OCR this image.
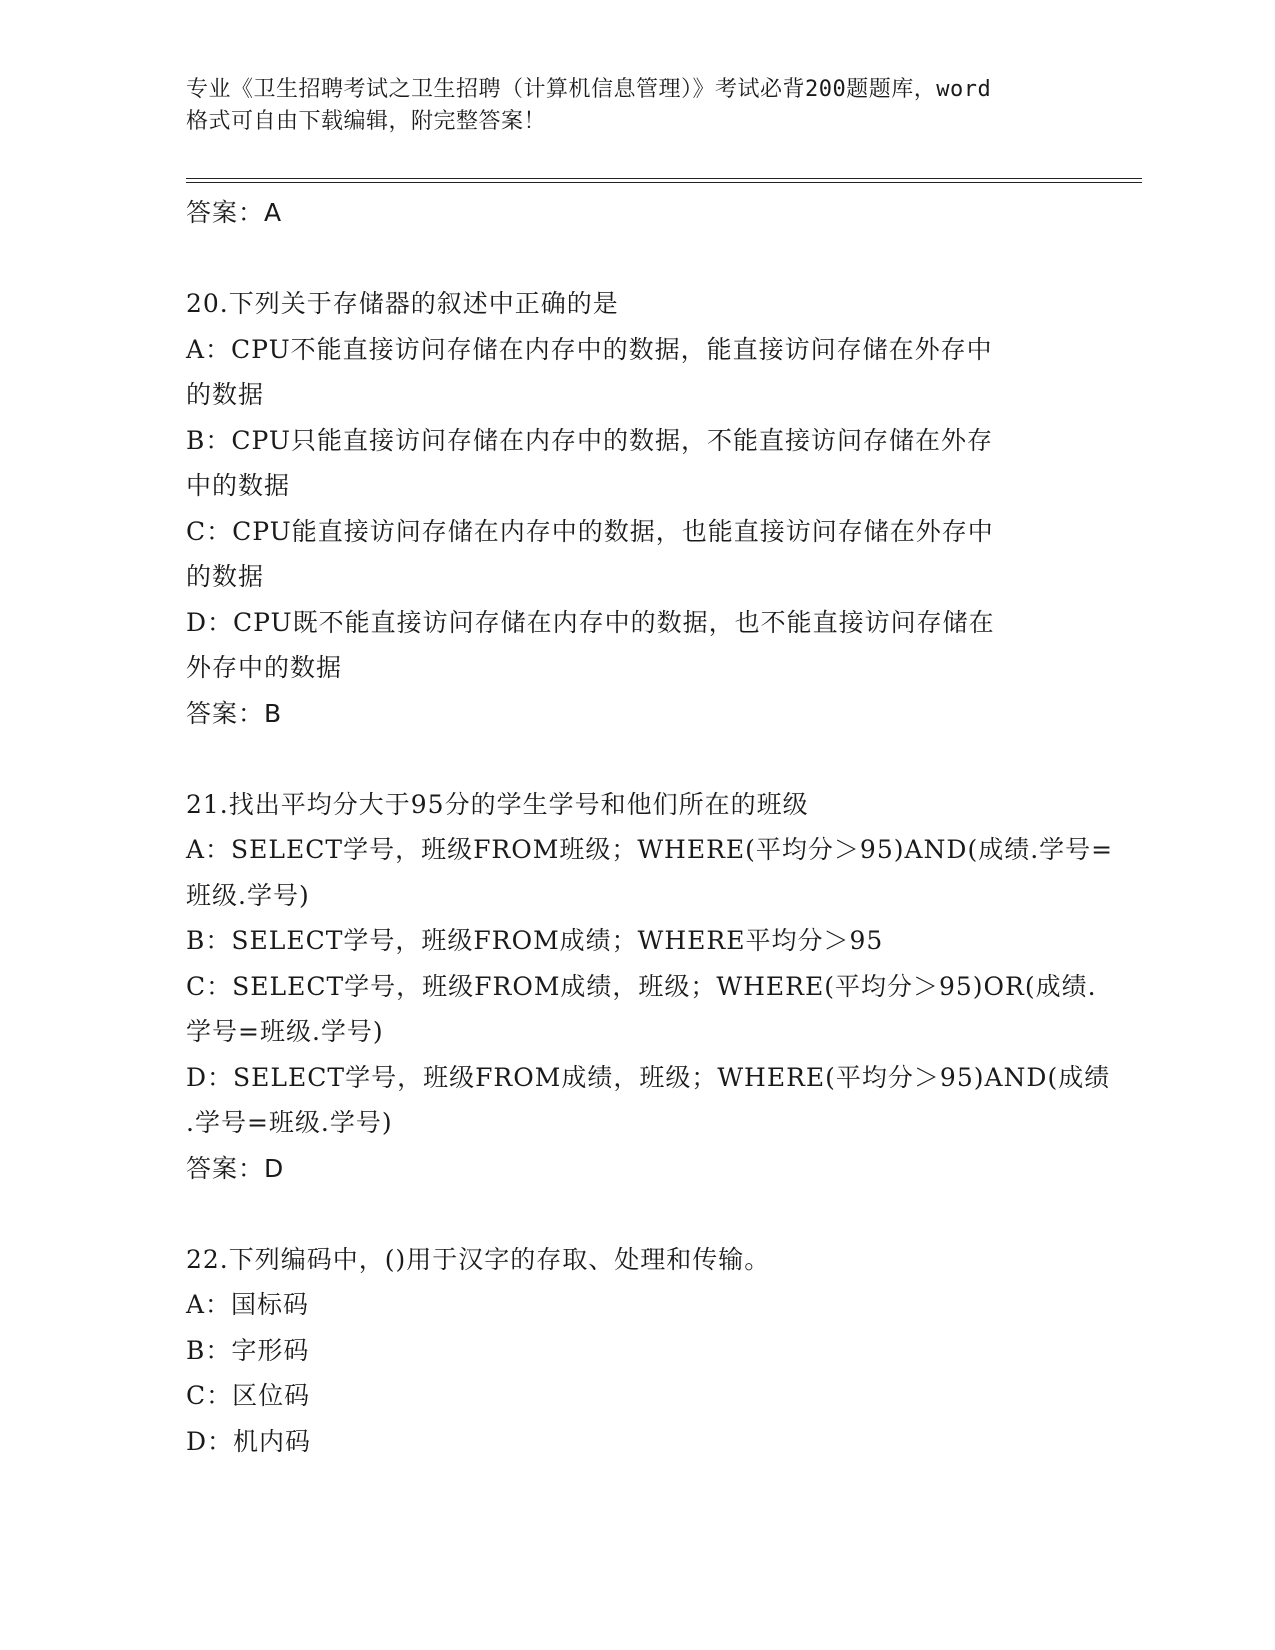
专业《卫生招聘考试之卫生招聘（计算机信息管理）》考试必背200题题库，word
格式可自由下载编辑，附完整答案！
答案：A
20.下列关于存储器的叙述中正确的是
A：CPU不能直接访问存储在内存中的数据，能直接访问存储在外存中
的数据
B：CPU只能直接访问存储在内存中的数据，不能直接访问存储在外存
中的数据
C：CPU能直接访问存储在内存中的数据，也能直接访问存储在外存中
的数据
D：CPU既不能直接访问存储在内存中的数据，也不能直接访问存储在
外存中的数据
答案：B
21.找出平均分大于95分的学生学号和他们所在的班级
A：SELECT学号，班级FROM班级；WHERE(平均分＞95)AND(成绩.学号=
班级.学号)
B：SELECT学号，班级FROM成绩；WHERE平均分＞95
C：SELECT学号，班级FROM成绩，班级；WHERE(平均分＞95)OR(成绩.
学号=班级.学号)
D：SELECT学号，班级FROM成绩，班级；WHERE(平均分＞95)AND(成绩
.学号=班级.学号)
答案：D
22.下列编码中，()用于汉字的存取、处理和传输。
A：国标码
B：字形码
C：区位码
D：机内码
